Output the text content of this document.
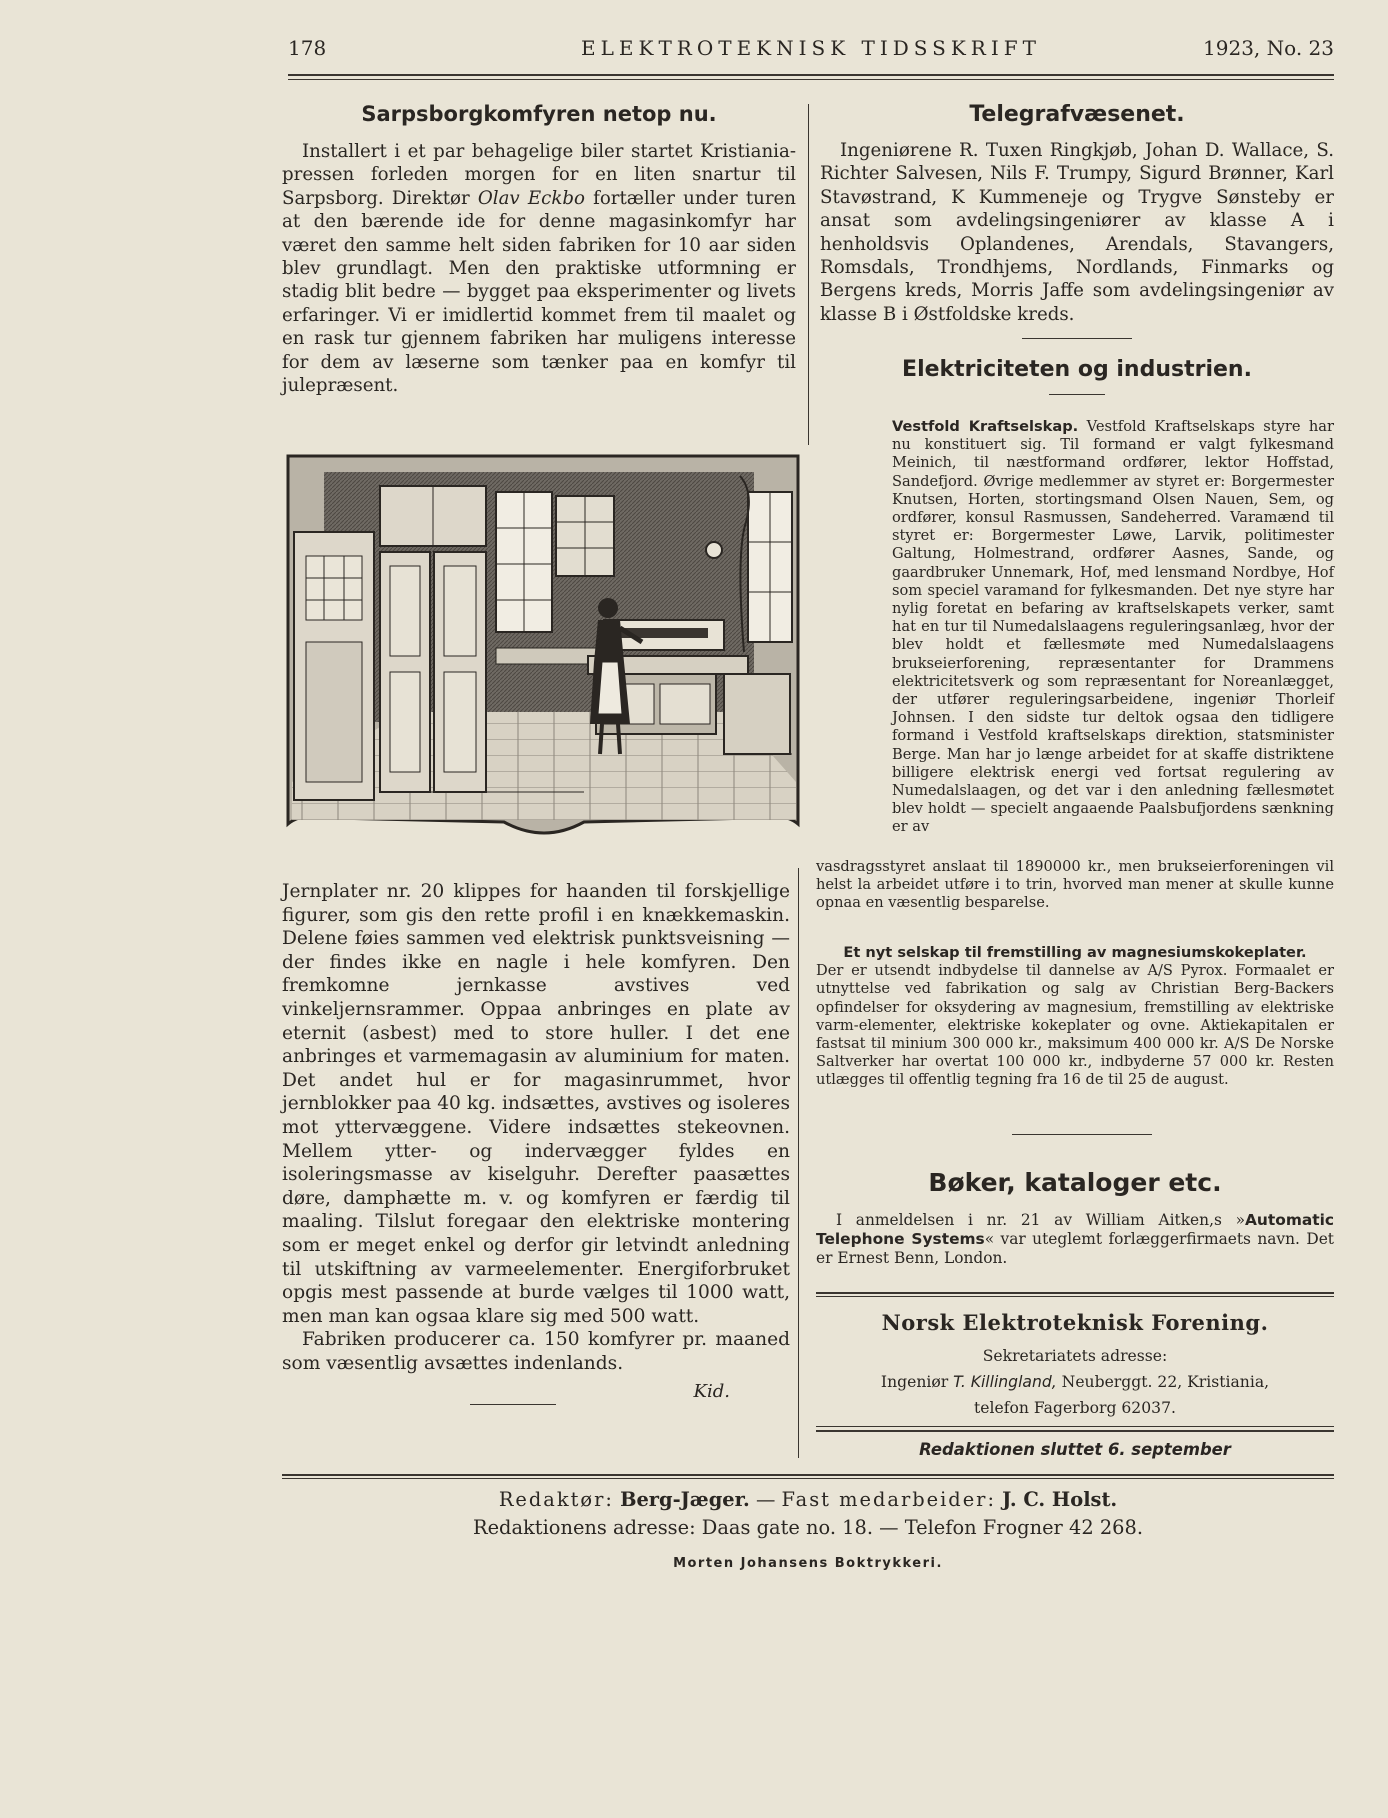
178	ELEKTROTEKNISK TIDSSKRIFT	1923, No. 23
Sarpsborgkomfyren netop nu.

Installert i et par behagelige biler startet Kristiania-pressen forleden morgen for en liten snartur til Sarpsborg. Direktør Olav Eckbo fortæller under turen at den bærende ide for denne magasinkomfyr har været den samme helt siden fabriken for 10 aar siden blev grundlagt. Men den praktiske utformning er stadig blit bedre — bygget paa eksperimenter og livets erfaringer. Vi er imidlertid kommet frem til maalet og en rask tur gjennem fabriken har muligens interesse for dem av læserne som tænker paa en komfyr til julepræsent.

Jernplater nr. 20 klippes for haanden til forskjellige figurer, som gis den rette profil i en knækkemaskin. Delene føies sammen ved elektrisk punktsveisning — der findes ikke en nagle i hele komfyren. Den fremkomne jernkasse avstives ved vinkeljernsrammer. Oppaa anbringes en plate av eternit (asbest) med to store huller. I det ene anbringes et varmemagasin av aluminium for maten. Det andet hul er for magasinrummet, hvor jernblokker paa 40 kg. indsættes, avstives og isoleres mot yttervæggene. Videre indsættes stekeovnen. Mellem ytter- og indervægger fyldes en isoleringsmasse av kiselguhr. Derefter paasættes døre, damphætte m. v. og komfyren er færdig til maaling. Tilslut foregaar den elektriske montering som er meget enkel og derfor gir letvindt anledning til utskiftning av varmeelementer. Energiforbruket opgis mest passende at burde vælges til 1000 watt, men man kan ogsaa klare sig med 500 watt.

Fabriken producerer ca. 150 komfyrer pr. maaned som væsentlig avsættes indenlands.

Kid.

Telegrafvæsenet.

Ingeniørene R. Tuxen Ringkjøb, Johan D. Wallace, S. Richter Salvesen, Nils F. Trumpy, Sigurd Brønner, Karl Stavøstrand, K Kummeneje og Trygve Sønsteby er ansat som avdelingsingeniører av klasse A i henholdsvis Oplandenes, Arendals, Stavangers, Romsdals, Trondhjems, Nordlands, Finmarks og Bergens kreds, Morris Jaffe som avdelingsingeniør av klasse B i Østfoldske kreds.

Elektriciteten og industrien.

Vestfold Kraftselskap. Vestfold Kraftselskaps styre har nu konstituert sig. Til formand er valgt fylkesmand Meinich, til næstformand ordfører, lektor Hoffstad, Sandefjord. Øvrige medlemmer av styret er: Borgermester Knutsen, Horten, stortingsmand Olsen Nauen, Sem, og ordfører, konsul Rasmussen, Sandeherred. Varamænd til styret er: Borgermester Løwe, Larvik, politimester Galtung, Holmestrand, ordfører Aasnes, Sande, og gaardbruker Unnemark, Hof, med lensmand Nordbye, Hof som speciel varamand for fylkesmanden. Det nye styre har nylig foretat en befaring av kraftselskapets verker, samt hat en tur til Numedalslaagens reguleringsanlæg, hvor der blev holdt et fællesmøte med Numedalslaagens brukseierforening, repræsentanter for Drammens elektricitetsverk og som repræsentant for Noreanlægget, der utfører reguleringsarbeidene, ingeniør Thorleif Johnsen. I den sidste tur deltok ogsaa den tidligere formand i Vestfold kraftselskaps direktion, statsminister Berge. Man har jo længe arbeidet for at skaffe distriktene billigere elektrisk energi ved fortsat regulering av Numedalslaagen, og det var i den anledning fællesmøtet blev holdt — specielt angaaende Paalsbufjordens sænkning er av

vasdragsstyret anslaat til 1890000 kr., men brukseierforeningen vil helst la arbeidet utføre i to trin, hvorved man mener at skulle kunne opnaa en væsentlig besparelse.

Et nyt selskap til fremstilling av magnesiumskokeplater.
Der er utsendt indbydelse til dannelse av A/S Pyrox. Formaalet er utnyttelse ved fabrikation og salg av Christian Berg-Backers opfindelser for oksydering av magnesium, fremstilling av elektriske varm-elementer, elektriske kokeplater og ovne. Aktiekapitalen er fastsat til minium 300 000 kr., maksimum 400 000 kr. A/S De Norske Saltverker har overtat 100 000 kr., indbyderne 57 000 kr. Resten utlægges til offentlig tegning fra 16 de til 25 de august.
Bøker, kataloger etc.

I anmeldelsen i nr. 21 av William Aitken,s »Automatic Telephone Systems« var uteglemt forlæggerfirmaets navn. Det er Ernest Benn, London.

Norsk Elektroteknisk Forening.
Sekretariatets adresse:
Ingeniør T. Killingland, Neuberggt. 22, Kristiania,
telefon Fagerborg 62037.
Redaktionen sluttet 6. september
Redaktør: Berg-Jæger. — Fast medarbeider: J. C. Holst.
Redaktionens adresse: Daas gate no. 18. — Telefon Frogner 42 268.
Morten Johansens Boktrykkeri.
